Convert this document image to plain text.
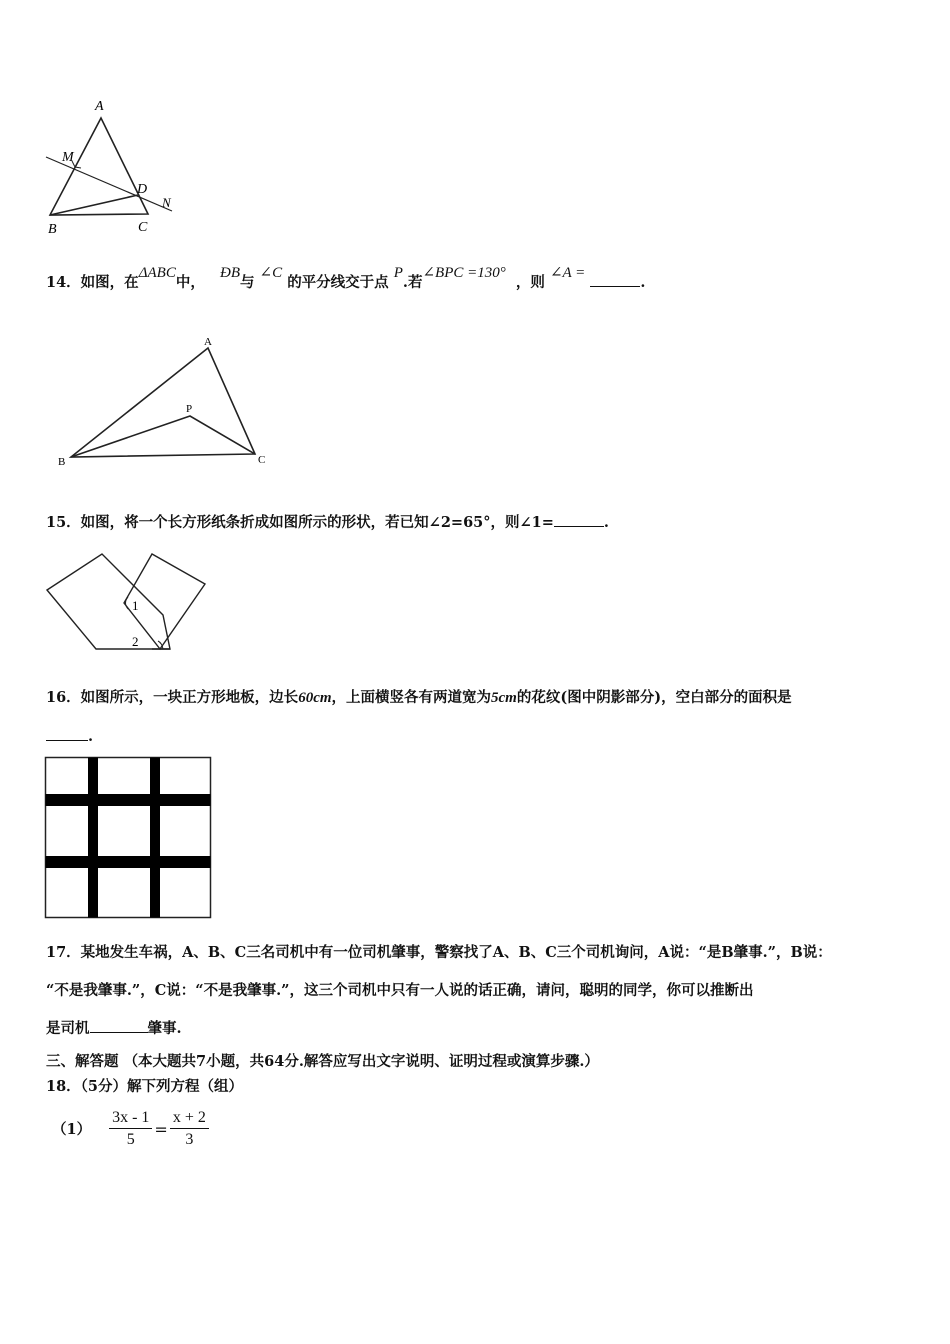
A
M
D
N
B	C
14．如图，在ΔABC中，   ÐB与 ∠C 的平分线交于点 P.若∠BPC =130°  ，则 ∠A = .
A
P
B	C
15．如图，将一个长方形纸条折成如图所示的形状，若已知∠2=65°，则∠1=	.
1
2
16．如图所示，一块正方形地板，边长60cm，上面横竖各有两道宽为5cm的花纹(图中阴影部分)，空白部分的面积是
.
17．某地发生车祸，A、B、C三名司机中有一位司机肇事，警察找了A、B、C三个司机询问，A说：“是B肇事.”，B说：
“不是我肇事.”，C说：“不是我肇事.”，这三个司机中只有一人说的话正确，请问，聪明的同学，你可以推断出
是司机	肇事.
三、解答题 （本大题共7小题，共64分.解答应写出文字说明、证明过程或演算步骤.）
18．（5分）解下列方程（组）
$(1) \frac{3x - 1}{5} = \frac{x + 2}{3}$
